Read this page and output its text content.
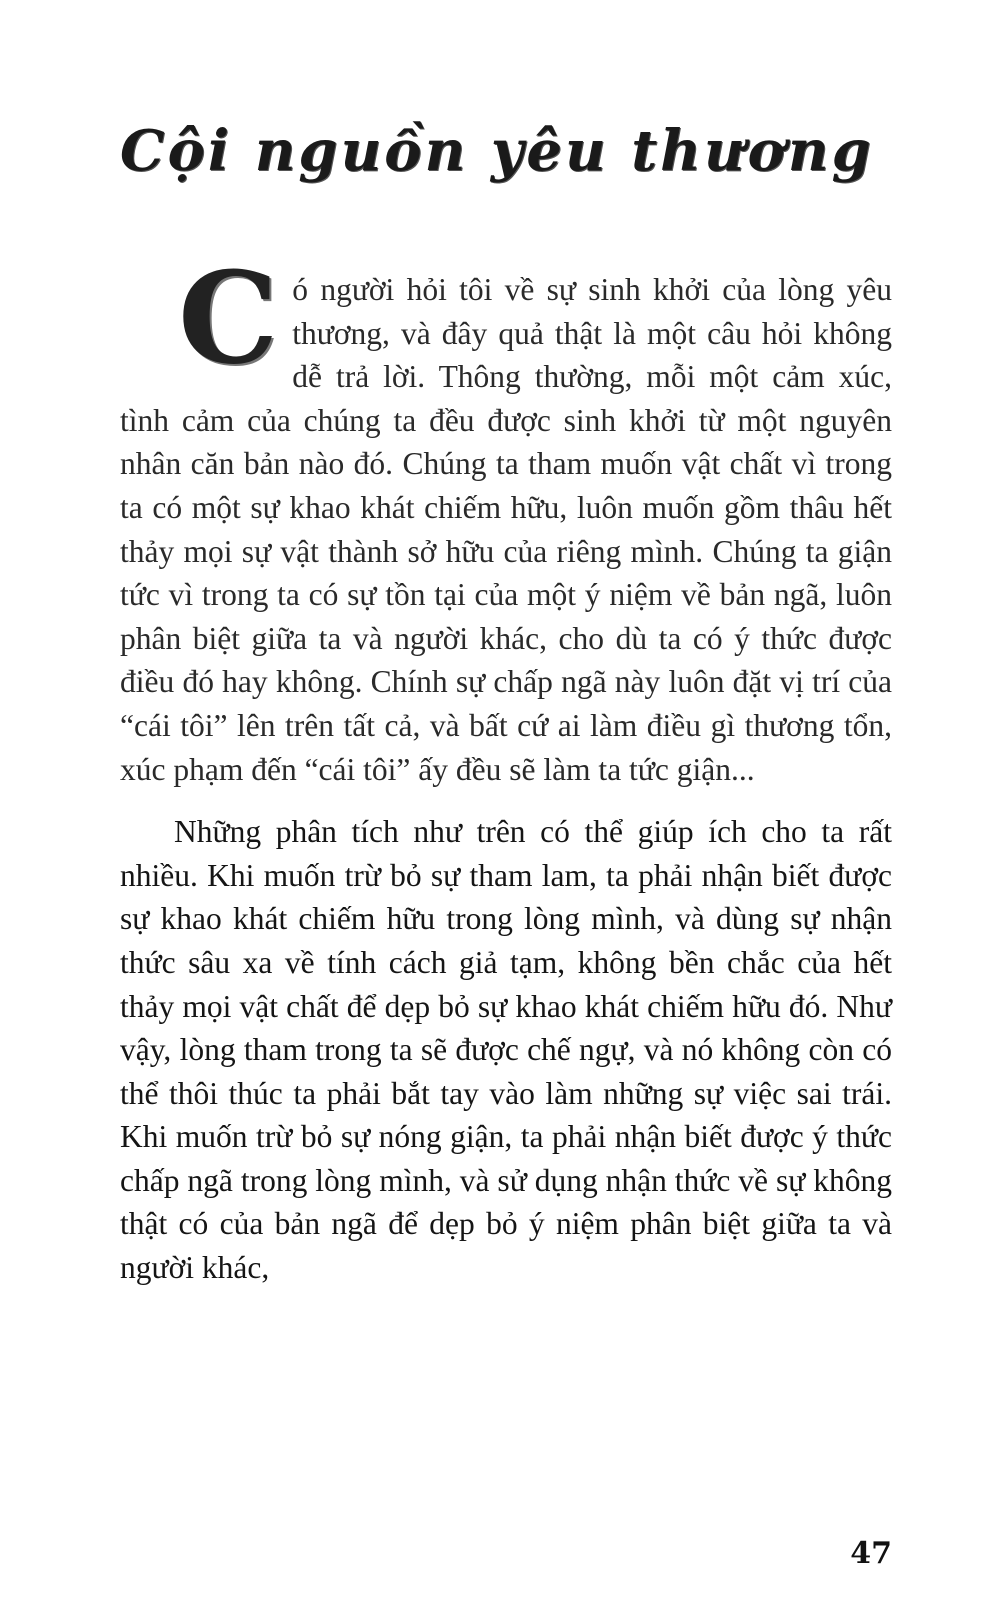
Cội nguồn yêu thương

Có người hỏi tôi về sự sinh khởi của lòng yêu thương, và đây quả thật là một câu hỏi không dễ trả lời. Thông thường, mỗi một cảm xúc, tình cảm của chúng ta đều được sinh khởi từ một nguyên nhân căn bản nào đó. Chúng ta tham muốn vật chất vì trong ta có một sự khao khát chiếm hữu, luôn muốn gồm thâu hết thảy mọi sự vật thành sở hữu của riêng mình. Chúng ta giận tức vì trong ta có sự tồn tại của một ý niệm về bản ngã, luôn phân biệt giữa ta và người khác, cho dù ta có ý thức được điều đó hay không. Chính sự chấp ngã này luôn đặt vị trí của “cái tôi” lên trên tất cả, và bất cứ ai làm điều gì thương tổn, xúc phạm đến “cái tôi” ấy đều sẽ làm ta tức giận...

Những phân tích như trên có thể giúp ích cho ta rất nhiều. Khi muốn trừ bỏ sự tham lam, ta phải nhận biết được sự khao khát chiếm hữu trong lòng mình, và dùng sự nhận thức sâu xa về tính cách giả tạm, không bền chắc của hết thảy mọi vật chất để dẹp bỏ sự khao khát chiếm hữu đó. Như vậy, lòng tham trong ta sẽ được chế ngự, và nó không còn có thể thôi thúc ta phải bắt tay vào làm những sự việc sai trái. Khi muốn trừ bỏ sự nóng giận, ta phải nhận biết được ý thức chấp ngã trong lòng mình, và sử dụng nhận thức về sự không thật có của bản ngã để dẹp bỏ ý niệm phân biệt giữa ta và người khác,

47
